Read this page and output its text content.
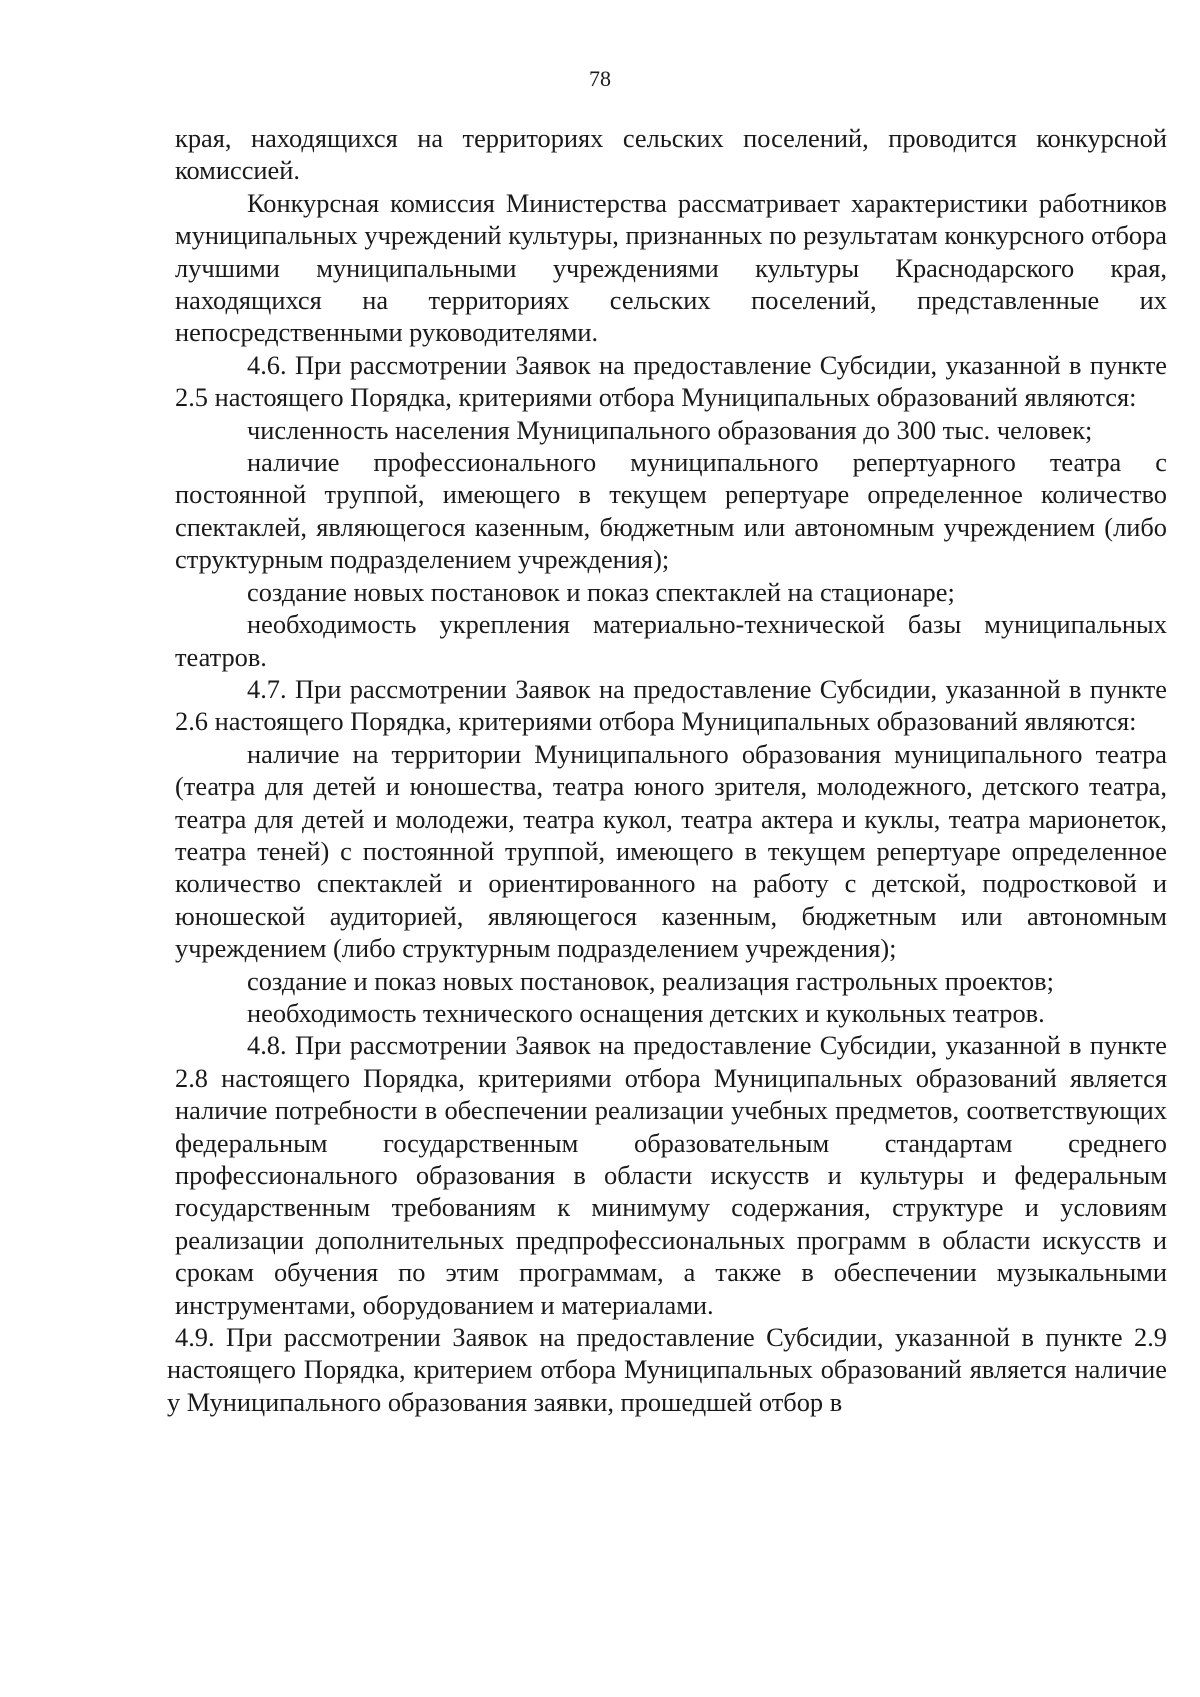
78

края, находящихся на территориях сельских поселений, проводится конкурсной комиссией.

Конкурсная комиссия Министерства рассматривает характеристики работников муниципальных учреждений культуры, признанных по результатам конкурсного отбора лучшими муниципальными учреждениями культуры Краснодарского края, находящихся на территориях сельских поселений, представленные их непосредственными руководителями.

4.6. При рассмотрении Заявок на предоставление Субсидии, указанной в пункте 2.5 настоящего Порядка, критериями отбора Муниципальных образований являются:

численность населения Муниципального образования до 300 тыс. человек;

наличие профессионального муниципального репертуарного театра с постоянной труппой, имеющего в текущем репертуаре определенное количество спектаклей, являющегося казенным, бюджетным или автономным учреждением (либо структурным подразделением учреждения);

создание новых постановок и показ спектаклей на стационаре;

необходимость укрепления материально-технической базы муниципальных театров.

4.7. При рассмотрении Заявок на предоставление Субсидии, указанной в пункте 2.6 настоящего Порядка, критериями отбора Муниципальных образований являются:

наличие на территории Муниципального образования муниципального театра (театра для детей и юношества, театра юного зрителя, молодежного, детского театра, театра для детей и молодежи, театра кукол, театра актера и куклы, театра марионеток, театра теней) с постоянной труппой, имеющего в текущем репертуаре определенное количество спектаклей и ориентированного на работу с детской, подростковой и юношеской аудиторией, являющегося казенным, бюджетным или автономным учреждением (либо структурным подразделением учреждения);

создание и показ новых постановок, реализация гастрольных проектов;

необходимость технического оснащения детских и кукольных театров.

4.8. При рассмотрении Заявок на предоставление Субсидии, указанной в пункте 2.8 настоящего Порядка, критериями отбора Муниципальных образований является наличие потребности в обеспечении реализации учебных предметов, соответствующих федеральным государственным образовательным стандартам среднего профессионального образования в области искусств и культуры и федеральным государственным требованиям к минимуму содержания, структуре и условиям реализации дополнительных предпрофессиональных программ в области искусств и срокам обучения по этим программам, а также в обеспечении музыкальными инструментами, оборудованием и материалами.

4.9. При рассмотрении Заявок на предоставление Субсидии, указанной в пункте 2.9 настоящего Порядка, критерием отбора Муниципальных образований является наличие у Муниципального образования заявки, прошедшей отбор в
